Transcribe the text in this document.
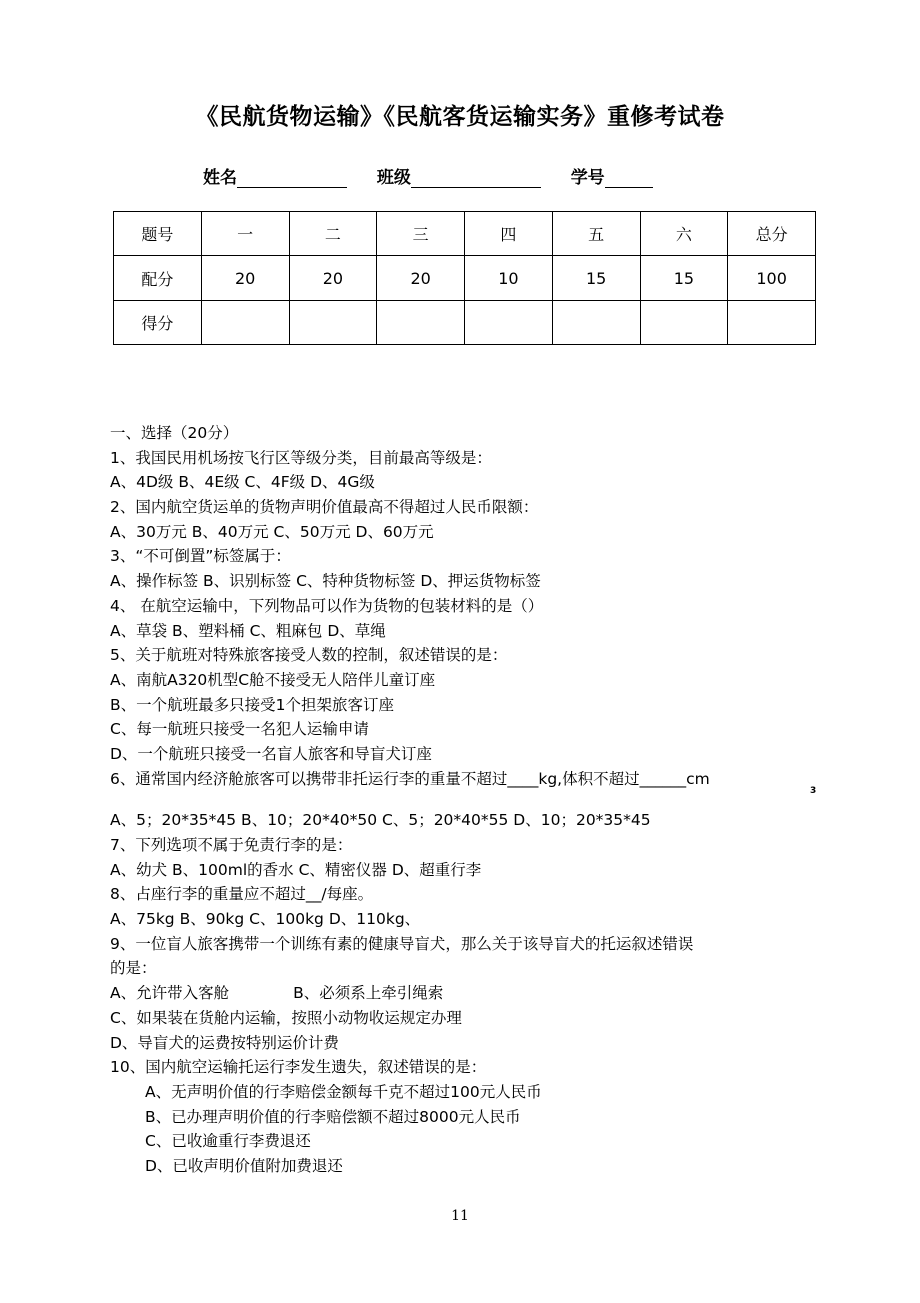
《民航货物运输》《民航客货运输实务》重修考试卷
姓名	班级	学号
题号	一	二	三	四	五	六	总分
配分	20	20	20	10	15	15	100
得分							
一、选择（20分）
1、我国民用机场按飞行区等级分类，目前最高等级是：
A、4D级 B、4E级 C、4F级 D、4G级
2、国内航空货运单的货物声明价值最高不得超过人民币限额：
A、30万元 B、40万元 C、50万元 D、60万元
3、“不可倒置”标签属于：
A、操作标签 B、识别标签 C、特种货物标签 D、押运货物标签
4、 在航空运输中，下列物品可以作为货物的包装材料的是（）
A、草袋 B、塑料桶 C、粗麻包 D、草绳
5、关于航班对特殊旅客接受人数的控制，叙述错误的是：
A、南航A320机型C舱不接受无人陪伴儿童订座
B、一个航班最多只接受1个担架旅客订座
C、每一航班只接受一名犯人运输申请
D、一个航班只接受一名盲人旅客和导盲犬订座
6、通常国内经济舱旅客可以携带非托运行李的重量不超过____kg,体积不超过______cm
3
A、5；20*35*45 B、10；20*40*50 C、5；20*40*55 D、10；20*35*45
7、下列选项不属于免责行李的是：
A、幼犬 B、100ml的香水 C、精密仪器 D、超重行李
8、占座行李的重量应不超过__/每座。
A、75kg B、90kg C、100kg D、110kg、
9、一位盲人旅客携带一个训练有素的健康导盲犬，那么关于该导盲犬的托运叙述错误
的是：
A、允许带入客舱             B、必须系上牵引绳索
C、如果装在货舱内运输，按照小动物收运规定办理
D、导盲犬的运费按特别运价计费
10、国内航空运输托运行李发生遗失，叙述错误的是：
A、无声明价值的行李赔偿金额每千克不超过100元人民币
B、已办理声明价值的行李赔偿额不超过8000元人民币
C、已收逾重行李费退还
D、已收声明价值附加费退还
11
